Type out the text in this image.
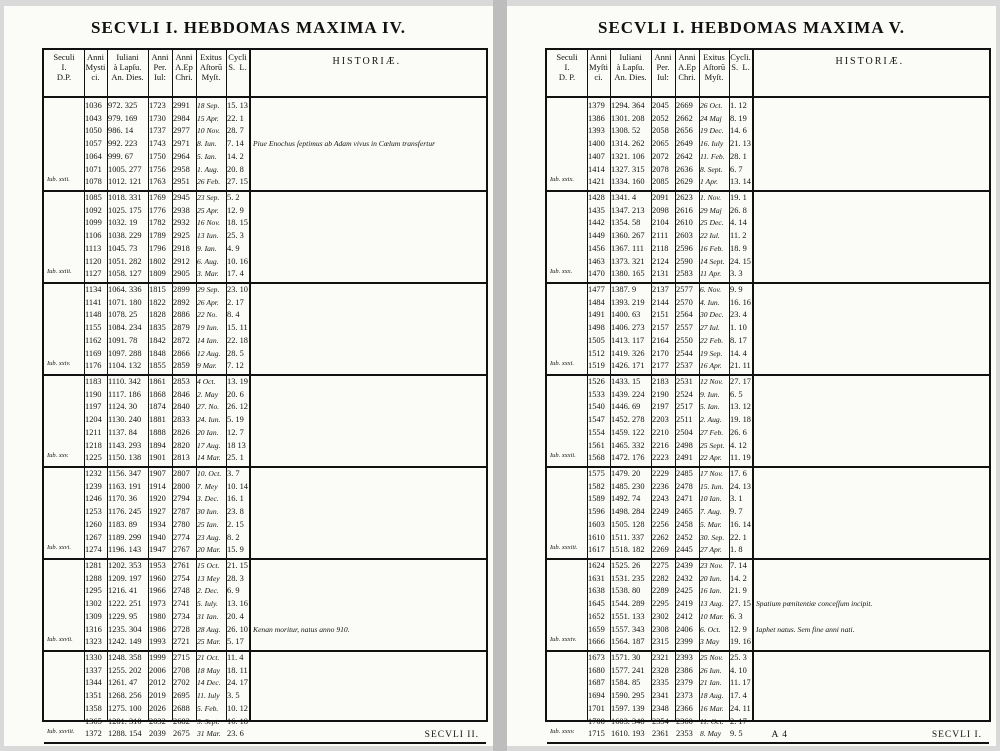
SECVLI I. HEBDOMAS MAXIMA IV.
Seculi
I.
D.P.
Anni
Mysti
ci.
Iuliani
à Lapſu.
An. Dies.
Anni
Per.
Iul:
Anni
A.Ep
Chri.
Exitus
Aſtorū
Myſt.
Cycli
S.  L.	HISTORIÆ.
1036 972. 325 1723 2991 18 Sep. 15. 13
1043 979. 169 1730 2984 15 Apr. 22. 1
1050 986. 14 1737 2977 10 Nov. 28. 7
1057 992. 223 1743 2971 8. Iun. 7. 14
1064 999. 67 1750 2964 5. Ian. 14. 2
1071 1005. 277 1756 2958 1. Aug. 20. 8
1078 1012. 121 1763 2951 26 Feb. 27. 15
Iub. xxii.
1085 1018. 331 1769 2945 23 Sep. 5. 2
1092 1025. 175 1776 2938 25 Apr. 12. 9
1099 1032. 19 1782 2932 16 Nov. 18. 15
1106 1038. 229 1789 2925 13 Iun. 25. 3
1113 1045. 73 1796 2918 9. Ian. 4. 9
1120 1051. 282 1802 2912 6. Aug. 10. 16
1127 1058. 127 1809 2905 3. Mar. 17. 4
Iub. xxiii.
1134 1064. 336 1815 2899 29 Sep. 23. 10
1141 1071. 180 1822 2892 26 Apr. 2. 17
1148 1078. 25 1828 2886 22 No. 8. 4
1155 1084. 234 1835 2879 19 Iun. 15. 11
1162 1091. 78 1842 2872 14 Ian. 22. 18
1169 1097. 288 1848 2866 12 Aug. 28. 5
1176 1104. 132 1855 2859 9 Mar. 7. 12
Iub. xxiv.
1183 1110. 342 1861 2853 4 Oct. 13. 19
1190 1117. 186 1868 2846 2. May 20. 6
1197 1124. 30 1874 2840 27. No. 26. 12
1204 1130. 240 1881 2833 24. Iun. 5. 19
1211 1137. 84 1888 2826 20 Ian. 12. 7
1218 1143. 293 1894 2820 17 Aug. 18 13
1225 1150. 138 1901 2813 14 Mar. 25. 1
Iub. xxv.
1232 1156. 347 1907 2807 10. Oct. 3. 7
1239 1163. 191 1914 2800 7. Mey 10. 14
1246 1170. 36 1920 2794 3. Dec. 16. 1
1253 1176. 245 1927 2787 30 Iun. 23. 8
1260 1183. 89 1934 2780 25 Ian. 2. 15
1267 1189. 299 1940 2774 23 Aug. 8. 2
1274 1196. 143 1947 2767 20 Mar. 15. 9
Iub. xxvi.
1281 1202. 353 1953 2761 15 Oct. 21. 15
1288 1209. 197 1960 2754 13 Mey 28. 3
1295 1216. 41 1966 2748 2. Dec. 6. 9
1302 1222. 251 1973 2741 5. Iuly. 13. 16
1309 1229. 95 1980 2734 31 Ian. 20. 4
1316 1235. 304 1986 2728 28 Aug. 26. 10
1323 1242. 149 1993 2721 25 Mar. 5. 17
Iub. xxvii.
1330 1248. 358 1999 2715 21 Oct. 11. 4
1337 1255. 202 2006 2708 18 May 18. 11
1344 1261. 47 2012 2702 14 Dec. 24. 17
1351 1268. 256 2019 2695 11. Iuly 3. 5
1358 1275. 100 2026 2688 5. Feb. 10. 12
1365 1281. 310 2032 2682 3. Sept. 16. 18
1372 1288. 154 2039 2675 31 Mar. 23. 6
Iub. xxviii.
Piue Enochus ſeptimus ab Adam vivus in Cœlum transfertur
Kenan moritur, natus anno 910.
SECVLI II.
SECVLI I. HEBDOMAS MAXIMA V.
Seculi
I.
D. P.
Anni
Myſti
ci.
Iuliani
à Lapſu.
An. Dies.
Anni
Per.
Iul:
Anni
A.Ep
Chri.
Exitus
Aſtorū
Myſt.
Cycli.
S.  L.	HISTORIÆ.
1379 1294. 364 2045 2669 26 Oct. 1. 12
1386 1301. 208 2052 2662 24 Maj 8. 19
1393 1308. 52 2058 2656 19 Dec. 14. 6
1400 1314. 262 2065 2649 16. Iuly 21. 13
1407 1321. 106 2072 2642 11. Feb. 28. 1
1414 1327. 315 2078 2636 8. Sept. 6. 7
1421 1334. 160 2085 2629 1 Apr. 13. 14
Iub. xxix.
1428 1341. 4 2091 2623 1. Nov. 19. 1
1435 1347. 213 2098 2616 29 Maj 26. 8
1442 1354. 58 2104 2610 25 Dec. 4. 14
1449 1360. 267 2111 2603 22 Iul. 11. 2
1456 1367. 111 2118 2596 16 Feb. 18. 9
1463 1373. 321 2124 2590 14 Sept. 24. 15
1470 1380. 165 2131 2583 11 Apr. 3. 3
Iub. xxx.
1477 1387. 9 2137 2577 6. Nov. 9. 9
1484 1393. 219 2144 2570 4. Iun. 16. 16
1491 1400. 63 2151 2564 30 Dec. 23. 4
1498 1406. 273 2157 2557 27 Iul. 1. 10
1505 1413. 117 2164 2550 22 Feb. 8. 17
1512 1419. 326 2170 2544 19 Sep. 14. 4
1519 1426. 171 2177 2537 16 Apr. 21. 11
Iub. xxxi.
1526 1433. 15 2183 2531 12 Nov. 27. 17
1533 1439. 224 2190 2524 9. Iun. 6. 5
1540 1446. 69 2197 2517 5. Ian. 13. 12
1547 1452. 278 2203 2511 2. Aug. 19. 18
1554 1459. 122 2210 2504 27 Feb. 26. 6
1561 1465. 332 2216 2498 25 Sept. 4. 12
1568 1472. 176 2223 2491 22 Apr. 11. 19
Iub. xxxii.
1575 1479. 20 2229 2485 17 Nov. 17. 6
1582 1485. 230 2236 2478 15. Iun. 24. 13
1589 1492. 74 2243 2471 10 Ian. 3. 1
1596 1498. 284 2249 2465 7. Aug. 9. 7
1603 1505. 128 2256 2458 5. Mar. 16. 14
1610 1511. 337 2262 2452 30. Sep. 22. 1
1617 1518. 182 2269 2445 27 Apr. 1. 8
Iub. xxxiii.
1624 1525. 26 2275 2439 23 Nov. 7. 14
1631 1531. 235 2282 2432 20 Iun. 14. 2
1638 1538. 80 2289 2425 16 Ian. 21. 9
1645 1544. 289 2295 2419 13 Aug. 27. 15
1652 1551. 133 2302 2412 10 Mar. 6. 3
1659 1557. 343 2308 2406 6. Oct. 12. 9
1666 1564. 187 2315 2399 3 May 19. 16
Iub. xxxiv.
1673 1571. 30 2321 2393 25 Nov. 25. 3
1680 1577. 241 2328 2386 26 Iun. 4. 10
1687 1584. 85 2335 2379 21 Ian. 11. 17
1694 1590. 295 2341 2373 18 Aug. 17. 4
1701 1597. 139 2348 2366 16 Mar. 24. 11
1708 1603. 348 2354 2360 11. Oct. 2. 17
1715 1610. 193 2361 2353 8. May 9. 5
Iub. xxxv.
Spatium pœnitentiæ conceſſum incipit.
Iaphet natus. Sem fine anni nati.
SECVLI I.
A 4
